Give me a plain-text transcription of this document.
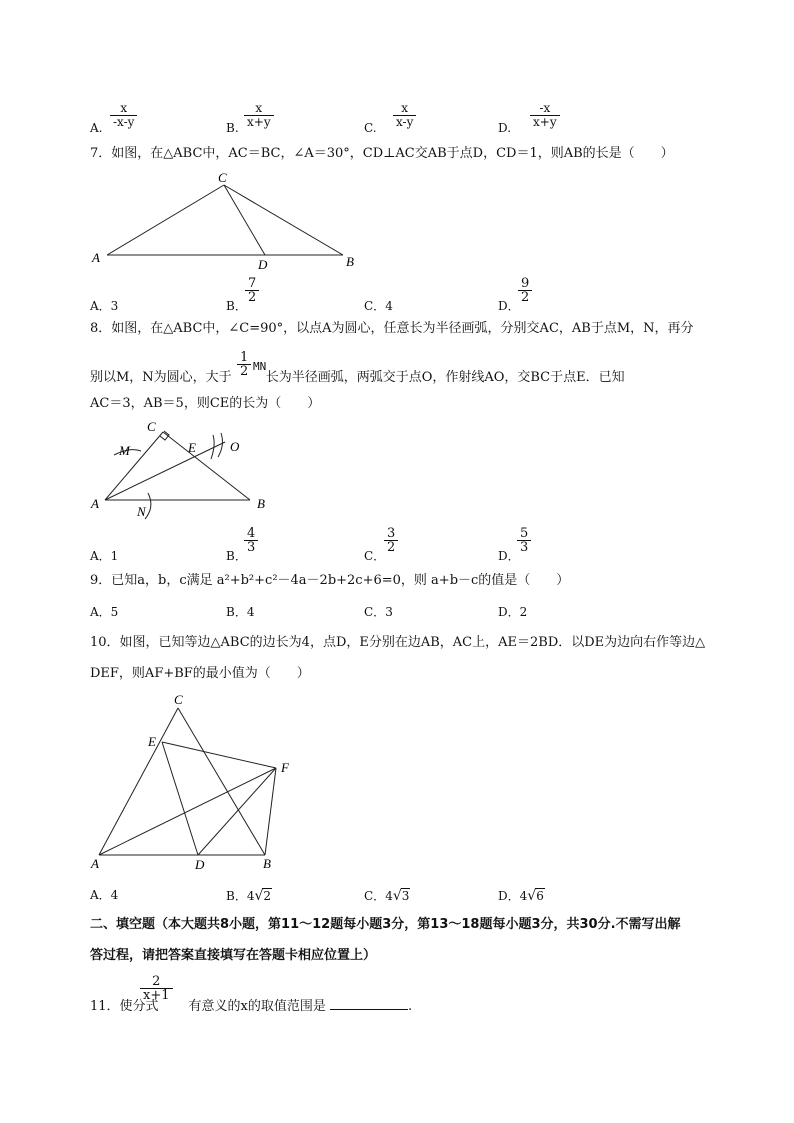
A. $\frac{x}{-x-y}$	B. $\frac{x}{x+y}$	C. $\frac{x}{x-y}$	D. $\frac{-x}{x+y}$
7．如图，在△ABC中，AC＝BC，∠A＝30°，CD⊥AC交AB于点D，CD＝1，则AB的长是（　　）
C
A	D	B
A．3	B．
$\frac{7}{2}$
C．4	D．
$\frac{9}{2}$
8．如图，在△ABC中，∠C=90°，以点A为圆心，任意长为半径画弧，分别交AC，AB于点M，N，再分
别以M，N为圆心，大于	长为半径画弧，两弧交于点O，作射线AO，交BC于点E．已知
$\frac{1}{2}$ MN
AC＝3，AB＝5，则CE的长为（　　）
C
M	E	O
A	B
N
A．1	B．
$\frac{4}{3}$
C．
$\frac{3}{2}$
D．
$\frac{5}{3}$
9．已知a，b，c满足 a²+b²+c²－4a－2b+2c+6=0，则 a+b－c的值是（　　）
A．5	B．4	C．3	D．2
10．如图，已知等边△ABC的边长为4，点D，E分别在边AB，AC上，AE＝2BD．以DE为边向右作等边△
DEF，则AF+BF的最小值为（　　）
C
E
F
A	D	B
A．4	B．4√2	C．4√3	D．4√6
二、填空题（本大题共8小题，第11～12题每小题3分，第13～18题每小题3分，共30分.不需写出解
答过程，请把答案直接填写在答题卡相应位置上）
11．使分式 有意义的x的取值范围是	.
$\frac{2}{x+1}$
